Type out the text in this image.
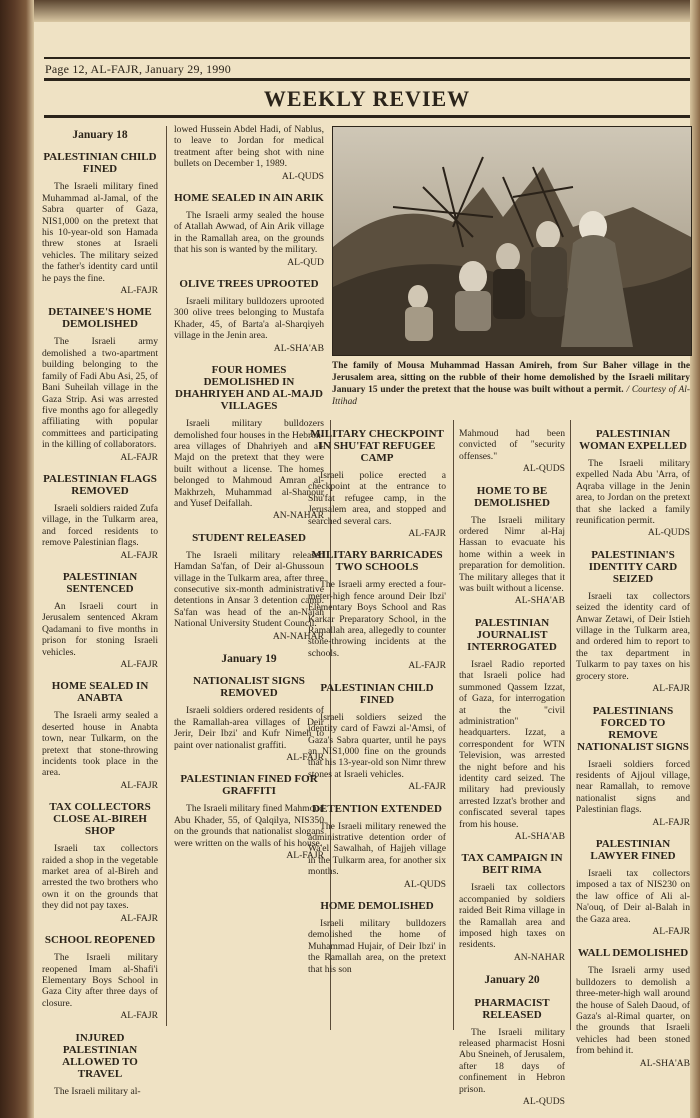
Page 12, AL-FAJR, January 29, 1990
WEEKLY REVIEW
The family of Mousa Muhammad Hassan Amireh, from Sur Baher village in the Jerusalem area, sitting on the rubble of their home demolished by the Israeli military January 15 under the pretext that the house was built without a permit. / Courtesy of Al-Ittihad
January 18
PALESTINIAN CHILD FINED

The Israeli military fined Muhammad al-Jamal, of the Sabra quarter of Gaza, NIS1,000 on the pretext that his 10-year-old son Hamada threw stones at Israeli vehicles. The military seized the father's identity card until he pays the fine.

AL-FAJR
DETAINEE'S HOME DEMOLISHED

The Israeli army demolished a two-apartment building belonging to the family of Fadi Abu Asi, 25, of Bani Suheilah village in the Gaza Strip. Asi was arrested five months ago for allegedly affiliating with popular committees and participating in the killing of collaborators.

AL-FAJR
PALESTINIAN FLAGS REMOVED

Israeli soldiers raided Zufa village, in the Tulkarm area, and forced residents to remove Palestinian flags.

AL-FAJR
PALESTINIAN SENTENCED

An Israeli court in Jerusalem sentenced Akram Qadamani to five months in prison for stoning Israeli vehicles.

AL-FAJR
HOME SEALED IN ANABTA

The Israeli army sealed a deserted house in Anabta town, near Tulkarm, on the pretext that stone-throwing incidents took place in the area.

AL-FAJR
TAX COLLECTORS CLOSE AL-BIREH SHOP

Israeli tax collectors raided a shop in the vegetable market area of al-Bireh and arrested the two brothers who own it on the grounds that they did not pay taxes.

AL-FAJR
SCHOOL REOPENED

The Israeli military reopened Imam al-Shafi'i Elementary Boys School in Gaza City after three days of closure.

AL-FAJR
INJURED PALESTINIAN ALLOWED TO TRAVEL

The Israeli military al-

lowed Hussein Abdel Hadi, of Nablus, to leave to Jordan for medical treatment after being shot with nine bullets on December 1, 1989.

AL-QUDS
HOME SEALED IN AIN ARIK

The Israeli army sealed the house of Atallah Awwad, of Ain Arik village in the Ramallah area, on the grounds that his son is wanted by the military.

AL-QUD
OLIVE TREES UPROOTED

Israeli military bulldozers uprooted 300 olive trees belonging to Mustafa Khader, 45, of Barta'a al-Sharqiyeh village in the Jenin area.

AL-SHA'AB
FOUR HOMES DEMOLISHED IN DHAHRIYEH AND AL-MAJD VILLAGES

Israeli military bulldozers demolished four houses in the Hebron-area villages of Dhahriyeh and al-Majd on the pretext that they were built without a license. The homes belonged to Mahmoud Amran al-Makhrzeh, Muhammad al-Shanour and Yusef Deifallah.

AN-NAHAR
STUDENT RELEASED

The Israeli military released Hamdan Sa'fan, of Deir al-Ghussoun village in the Tulkarm area, after three consecutive six-month administrative detentions in Ansar 3 detention camp. Sa'fan was head of the an-Najah National University Student Council.

AN-NAHAR
January 19
NATIONALIST SIGNS REMOVED

Israeli soldiers ordered residents of the Ramallah-area villages of Deir Jerir, Deir Ibzi' and Kufr Nimeh to paint over nationalist graffiti.

AL-FAJR
PALESTINIAN FINED FOR GRAFFITI

The Israeli military fined Mahmoud Abu Khader, 55, of Qalqilya, NIS350 on the grounds that nationalist slogans were written on the walls of his house.

AL-FAJR
MILITARY CHECKPOINT IN SHU'FAT REFUGEE CAMP

Israeli police erected a checkpoint at the entrance to Shu'fat refugee camp, in the Jerusalem area, and stopped and searched several cars.

AL-FAJR
MILITARY BARRICADES TWO SCHOOLS

The Israeli army erected a four-meter-high fence around Deir Ibzi' Elementary Boys School and Ras Karkar Preparatory School, in the Ramallah area, allegedly to counter stone-throwing incidents at the schools.

AL-FAJR
PALESTINIAN CHILD FINED

Israeli soldiers seized the identity card of Fawzi al-'Amsi, of Gaza's Sabra quarter, until he pays an NIS1,000 fine on the grounds that his 13-year-old son Nimr threw stones at Israeli vehicles.

AL-FAJR
DETENTION EXTENDED

The Israeli military renewed the administrative detention order of Wa'el Sawalhah, of Hajjeh village in the Tulkarm area, for another six months.

AL-QUDS
HOME DEMOLISHED

Israeli military bulldozers demolished the home of Muhammad Hujair, of Deir Ibzi' in the Ramallah area, on the pretext that his son

Mahmoud had been convicted of "security offenses."

AL-QUDS
HOME TO BE DEMOLISHED

The Israeli military ordered Nimr al-Haj Hassan to evacuate his home within a week in preparation for demolition. The military alleges that it was built without a license.

AL-SHA'AB
PALESTINIAN JOURNALIST INTERROGATED

Israel Radio reported that Israeli police had summoned Qassem Izzat, of Gaza, for interrogation at the "civil administration" headquarters. Izzat, a correspondent for WTN Television, was arrested the night before and his identity card seized. The military had previously arrested Izzat's brother and confiscated several tapes from his house.

AL-SHA'AB
TAX CAMPAIGN IN BEIT RIMA

Israeli tax collectors accompanied by soldiers raided Beit Rima village in the Ramallah area and imposed high taxes on residents.

AN-NAHAR
January 20
PHARMACIST RELEASED

The Israeli military released pharmacist Hosni Abu Sneineh, of Jerusalem, after 18 days of confinement in Hebron prison.

AL-QUDS
PALESTINIAN WOMAN EXPELLED

The Israeli military expelled Nada Abu 'Arra, of Aqraba village in the Jenin area, to Jordan on the pretext that she lacked a family reunification permit.

AL-QUDS
PALESTINIAN'S IDENTITY CARD SEIZED

Israeli tax collectors seized the identity card of Anwar Zetawi, of Deir Istieh village in the Tulkarm area, and ordered him to report to the tax department in Tulkarm to pay taxes on his grocery store.

AL-FAJR
PALESTINIANS FORCED TO REMOVE NATIONALIST SIGNS

Israeli soldiers forced residents of Ajjoul village, near Ramallah, to remove nationalist signs and Palestinian flags.

AL-FAJR
PALESTINIAN LAWYER FINED

Israeli tax collectors imposed a tax of NIS230 on the law office of Ali al-Na'ouq, of Deir al-Balah in the Gaza area.

AL-FAJR
WALL DEMOLISHED

The Israeli army used bulldozers to demolish a three-meter-high wall around the house of Saleh Daoud, of Gaza's al-Rimal quarter, on the grounds that Israeli vehicles had been stoned from behind it.

AL-SHA'AB
